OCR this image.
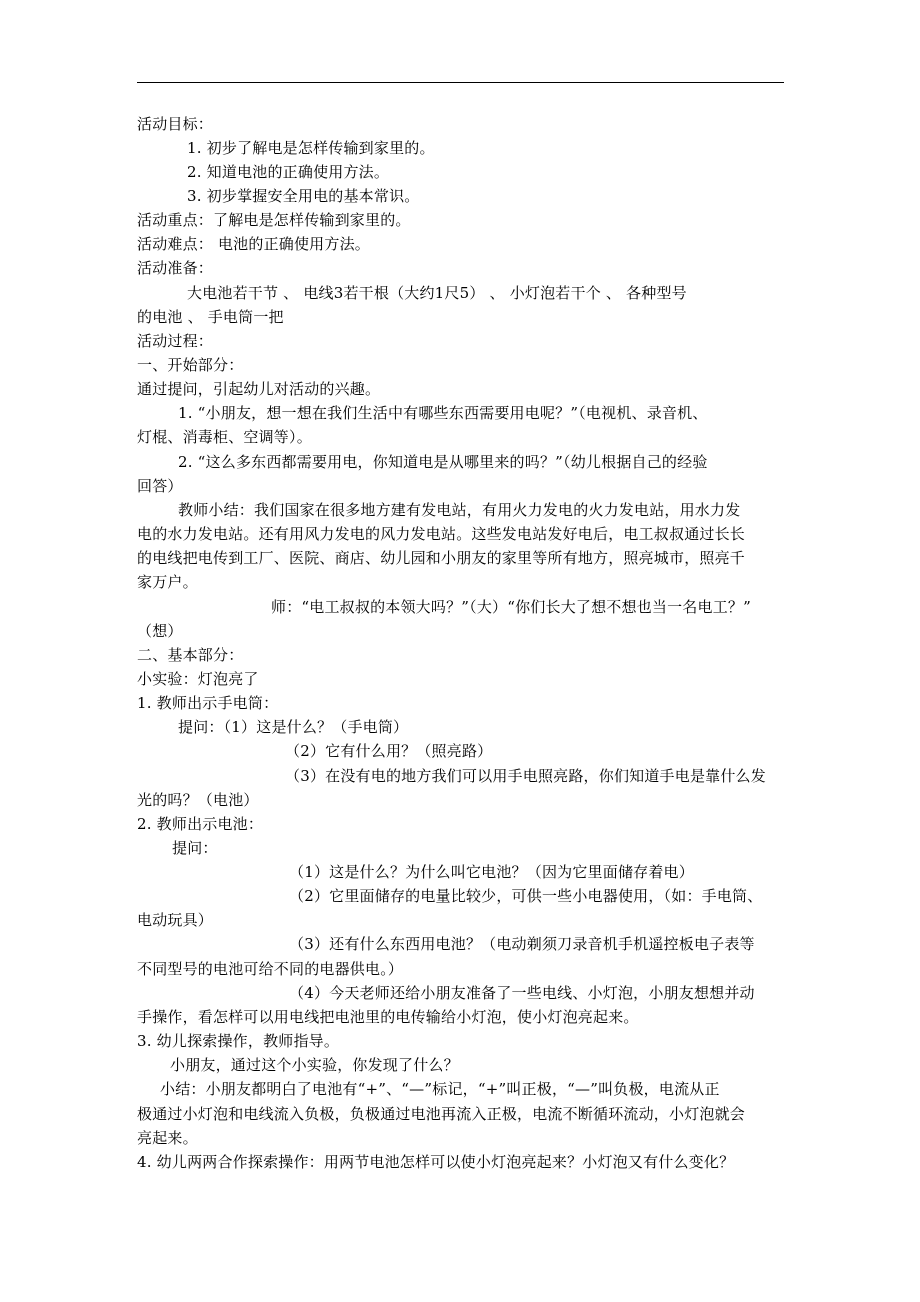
活动目标：
1. 初步了解电是怎样传输到家里的。
2. 知道电池的正确使用方法。
3. 初步掌握安全用电的基本常识。
活动重点：了解电是怎样传输到家里的。
活动难点： 电池的正确使用方法。
活动准备：
大电池若干节 、 电线3若干根（大约1尺5） 、 小灯泡若干个 、 各种型号
的电池 、 手电筒一把
活动过程：
一、开始部分：
通过提问，引起幼儿对活动的兴趣。
1. “小朋友，想一想在我们生活中有哪些东西需要用电呢？”（电视机、录音机、
灯棍、消毒柜、空调等）。
2. “这么多东西都需要用电，你知道电是从哪里来的吗？”（幼儿根据自己的经验
回答）
教师小结：我们国家在很多地方建有发电站，有用火力发电的火力发电站，用水力发
电的水力发电站。还有用风力发电的风力发电站。这些发电站发好电后，电工叔叔通过长长
的电线把电传到工厂、医院、商店、幼儿园和小朋友的家里等所有地方，照亮城市，照亮千
家万户。
师：“电工叔叔的本领大吗？”（大）“你们长大了想不想也当一名电工？”
（想）
二、基本部分：
小实验：灯泡亮了
1. 教师出示手电筒：
提问：（1）这是什么？（手电筒）
（2）它有什么用？（照亮路）
（3）在没有电的地方我们可以用手电照亮路，你们知道手电是靠什么发
光的吗？（电池）
2. 教师出示电池：
提问：
（1）这是什么？为什么叫它电池？（因为它里面储存着电）
（2）它里面储存的电量比较少，可供一些小电器使用，（如：手电筒、
电动玩具）
（3）还有什么东西用电池？（电动剃须刀录音机手机遥控板电子表等
不同型号的电池可给不同的电器供电。）
（4）今天老师还给小朋友准备了一些电线、小灯泡，小朋友想想并动
手操作，看怎样可以用电线把电池里的电传输给小灯泡，使小灯泡亮起来。
3. 幼儿探索操作，教师指导。
小朋友，通过这个小实验，你发现了什么？
小结：小朋友都明白了电池有“+”、“—”标记，“+”叫正极，“—”叫负极，电流从正
极通过小灯泡和电线流入负极，负极通过电池再流入正极，电流不断循环流动，小灯泡就会
亮起来。
4. 幼儿两两合作探索操作：用两节电池怎样可以使小灯泡亮起来？小灯泡又有什么变化？
